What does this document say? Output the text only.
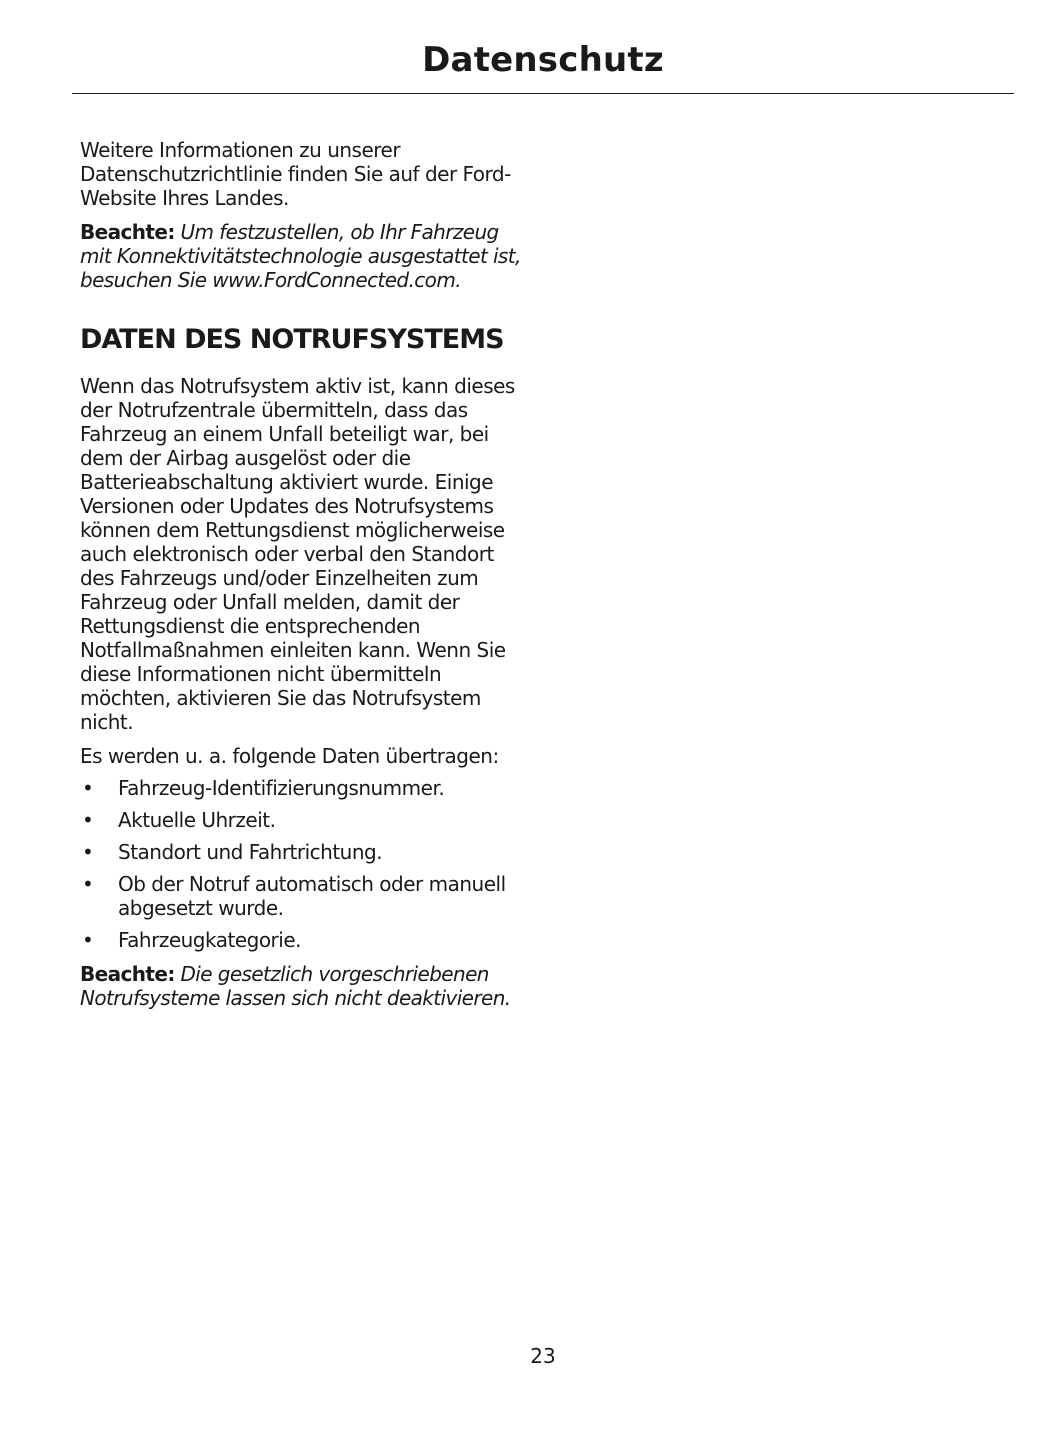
Datenschutz

Weitere Informationen zu unserer Datenschutzrichtlinie finden Sie auf der Ford-Website Ihres Landes.

Beachte: Um festzustellen, ob Ihr Fahrzeug mit Konnektivitätstechnologie ausgestattet ist, besuchen Sie www.FordConnected.com.

DATEN DES NOTRUFSYSTEMS

Wenn das Notrufsystem aktiv ist, kann dieses der Notrufzentrale übermitteln, dass das Fahrzeug an einem Unfall beteiligt war, bei dem der Airbag ausgelöst oder die Batterieabschaltung aktiviert wurde. Einige Versionen oder Updates des Notrufsystems können dem Rettungsdienst möglicherweise auch elektronisch oder verbal den Standort des Fahrzeugs und/oder Einzelheiten zum Fahrzeug oder Unfall melden, damit der Rettungsdienst die entsprechenden Notfallmaßnahmen einleiten kann. Wenn Sie diese Informationen nicht übermitteln möchten, aktivieren Sie das Notrufsystem nicht.

Es werden u. a. folgende Daten übertragen:

• Fahrzeug-Identifizierungsnummer.
• Aktuelle Uhrzeit.
• Standort und Fahrtrichtung.
• Ob der Notruf automatisch oder manuell abgesetzt wurde.
• Fahrzeugkategorie.

Beachte: Die gesetzlich vorgeschriebenen Notrufsysteme lassen sich nicht deaktivieren.

23
